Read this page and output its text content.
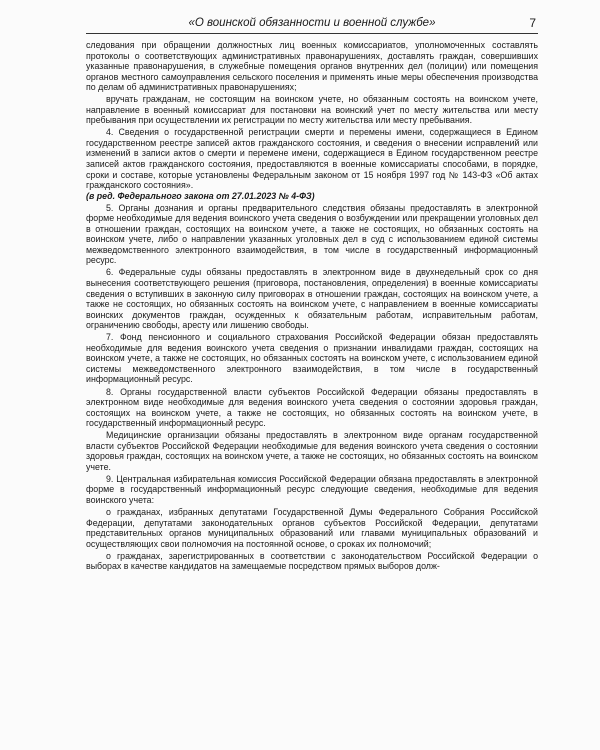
«О воинской обязанности и военной службе»	7

следования при обращении должностных лиц военных комиссариатов, уполномоченных составлять протоколы о соответствующих административных правонарушениях, доставлять граждан, совершивших указанные правонарушения, в служебные помещения органов внутренних дел (полиции) или помещения органов местного самоуправления сельского поселения и применять иные меры обеспечения производства по делам об административных правонарушениях;

вручать гражданам, не состоящим на воинском учете, но обязанным состоять на воинском учете, направление в военный комиссариат для постановки на воинский учет по месту жительства или месту пребывания при осуществлении их регистрации по месту жительства или месту пребывания.

4. Сведения о государственной регистрации смерти и перемены имени, содержащиеся в Едином государственном реестре записей актов гражданского состояния, и сведения о внесении исправлений или изменений в записи актов о смерти и перемене имени, содержащиеся в Едином государственном реестре записей актов гражданского состояния, предоставляются в военные комиссариаты способами, в порядке, сроки и составе, которые установлены Федеральным законом от 15 ноября 1997 год № 143-ФЗ «Об актах гражданского состояния».

(в ред. Федерального закона от 27.01.2023 № 4-ФЗ)

5. Органы дознания и органы предварительного следствия обязаны предоставлять в электронной форме необходимые для ведения воинского учета сведения о возбуждении или прекращении уголовных дел в отношении граждан, состоящих на воинском учете, а также не состоящих, но обязанных состоять на воинском учете, либо о направлении указанных уголовных дел в суд с использованием единой системы межведомственного электронного взаимодействия, в том числе в государственный информационный ресурс.

6. Федеральные суды обязаны предоставлять в электронном виде в двухнедельный срок со дня вынесения соответствующего решения (приговора, постановления, определения) в военные комиссариаты сведения о вступивших в законную силу приговорах в отношении граждан, состоящих на воинском учете, а также не состоящих, но обязанных состоять на воинском учете, с направлением в военные комиссариаты воинских документов граждан, осужденных к обязательным работам, исправительным работам, ограничению свободы, аресту или лишению свободы.

7. Фонд пенсионного и социального страхования Российской Федерации обязан предоставлять необходимые для ведения воинского учета сведения о признании инвалидами граждан, состоящих на воинском учете, а также не состоящих, но обязанных состоять на воинском учете, с использованием единой системы межведомственного электронного взаимодействия, в том числе в государственный информационный ресурс.

8. Органы государственной власти субъектов Российской Федерации обязаны предоставлять в электронном виде необходимые для ведения воинского учета сведения о состоянии здоровья граждан, состоящих на воинском учете, а также не состоящих, но обязанных состоять на воинском учете, в государственный информационный ресурс.

Медицинские организации обязаны предоставлять в электронном виде органам государственной власти субъектов Российской Федерации необходимые для ведения воинского учета сведения о состоянии здоровья граждан, состоящих на воинском учете, а также не состоящих, но обязанных состоять на воинском учете.

9. Центральная избирательная комиссия Российской Федерации обязана предоставлять в электронной форме в государственный информационный ресурс следующие сведения, необходимые для ведения воинского учета:

о гражданах, избранных депутатами Государственной Думы Федерального Собрания Российской Федерации, депутатами законодательных органов субъектов Российской Федерации, депутатами представительных органов муниципальных образований или главами муниципальных образований и осуществляющих свои полномочия на постоянной основе, о сроках их полномочий;

о гражданах, зарегистрированных в соответствии с законодательством Российской Федерации о выборах в качестве кандидатов на замещаемые посредством прямых выборов долж-
